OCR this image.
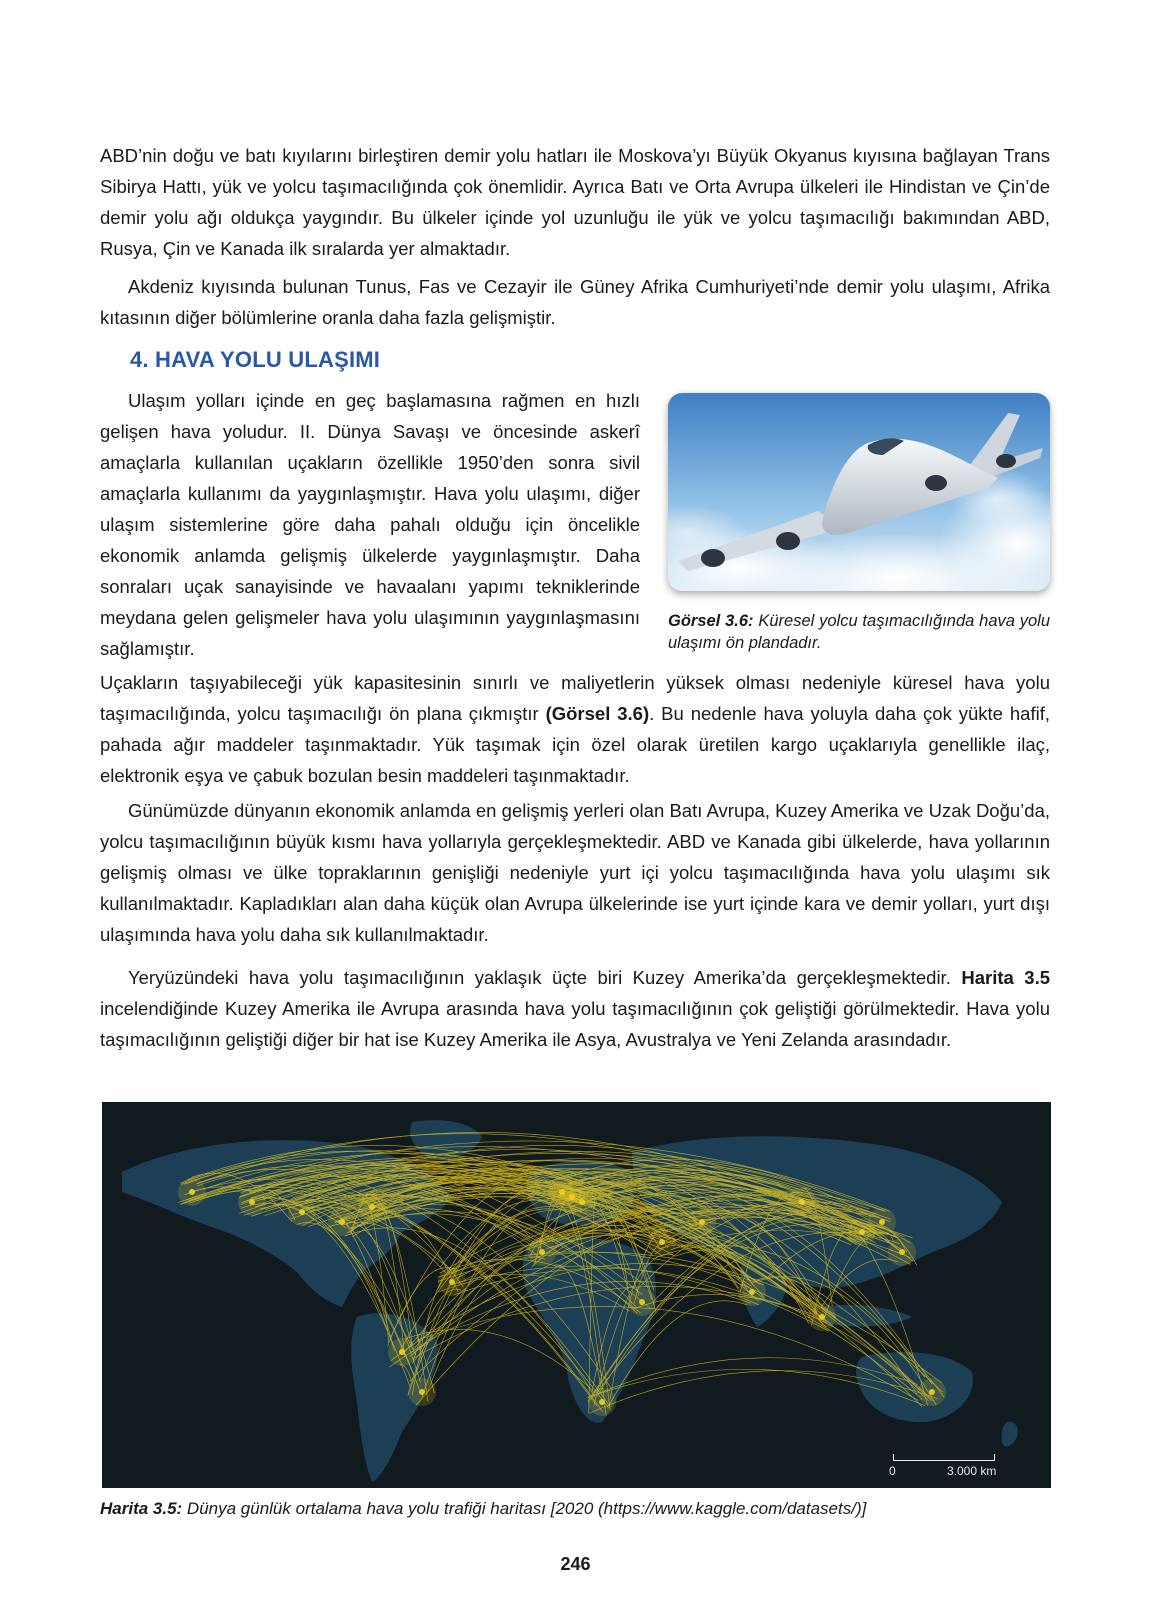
ABD’nin doğu ve batı kıyılarını birleştiren demir yolu hatları ile Moskova’yı Büyük Okyanus kıyısına bağlayan Trans Sibirya Hattı, yük ve yolcu taşımacılığında çok önemlidir. Ayrıca Batı ve Orta Avrupa ülkeleri ile Hindistan ve Çin’de demir yolu ağı oldukça yaygındır. Bu ülkeler içinde yol uzunluğu ile yük ve yolcu taşımacılığı bakımından ABD, Rusya, Çin ve Kanada ilk sıralarda yer almaktadır.

Akdeniz kıyısında bulunan Tunus, Fas ve Cezayir ile Güney Afrika Cumhuriyeti’nde demir yolu ulaşımı, Afrika kıtasının diğer bölümlerine oranla daha fazla gelişmiştir.

4. HAVA YOLU ULAŞIMI

Ulaşım yolları içinde en geç başlamasına rağmen en hızlı gelişen hava yoludur. II. Dünya Savaşı ve öncesinde askerî amaçlarla kullanılan uçakların özellikle 1950’den sonra sivil amaçlarla kullanımı da yaygınlaşmıştır. Hava yolu ulaşımı, diğer ulaşım sistemlerine göre daha pahalı olduğu için öncelikle ekonomik anlamda gelişmiş ülkelerde yaygınlaşmıştır. Daha sonraları uçak sanayisinde ve havaalanı yapımı tekniklerinde meydana gelen gelişmeler hava yolu ulaşımının yaygınlaşmasını sağlamıştır.

Görsel 3.6: Küresel yolcu taşımacılığında hava yolu ulaşımı ön plandadır.

Uçakların taşıyabileceği yük kapasitesinin sınırlı ve maliyetlerin yüksek olması nedeniyle küresel hava yolu taşımacılığında, yolcu taşımacılığı ön plana çıkmıştır (Görsel 3.6). Bu nedenle hava yoluyla daha çok yükte hafif, pahada ağır maddeler taşınmaktadır. Yük taşımak için özel olarak üretilen kargo uçaklarıyla genellikle ilaç, elektronik eşya ve çabuk bozulan besin maddeleri taşınmaktadır.

Günümüzde dünyanın ekonomik anlamda en gelişmiş yerleri olan Batı Avrupa, Kuzey Amerika ve Uzak Doğu’da, yolcu taşımacılığının büyük kısmı hava yollarıyla gerçekleşmektedir. ABD ve Kanada gibi ülkelerde, hava yollarının gelişmiş olması ve ülke topraklarının genişliği nedeniyle yurt içi yolcu taşımacılığında hava yolu ulaşımı sık kullanılmaktadır. Kapladıkları alan daha küçük olan Avrupa ülkelerinde ise yurt içinde kara ve demir yolları, yurt dışı ulaşımında hava yolu daha sık kullanılmaktadır.

Yeryüzündeki hava yolu taşımacılığının yaklaşık üçte biri Kuzey Amerika’da gerçekleşmektedir. Harita 3.5 incelendiğinde Kuzey Amerika ile Avrupa arasında hava yolu taşımacılığının çok geliştiği görülmektedir. Hava yolu taşımacılığının geliştiği diğer bir hat ise Kuzey Amerika ile Asya, Avustralya ve Yeni Zelanda arasındadır.

0	3.000 km

Harita 3.5: Dünya günlük ortalama hava yolu trafiği haritası [2020 (https://www.kaggle.com/datasets/)]

246
